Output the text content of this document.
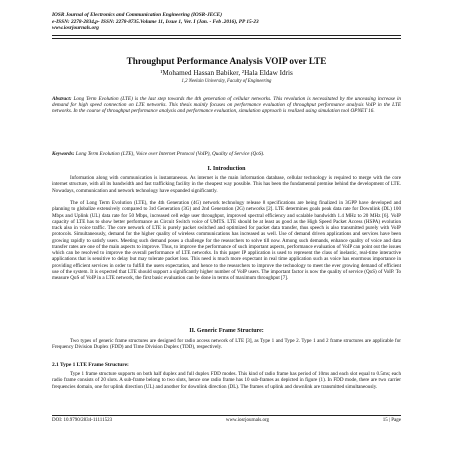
IOSR Journal of Electronics and Communication Engineering (IOSR-JECE)
e-ISSN: 2278-2834,p- ISSN: 2278-8735.Volume 11, Issue 1, Ver. I (Jan. - Feb .2016), PP 15-23
www.iosrjournals.org
Throughput Performance Analysis VOIP over LTE
¹Mohamed Hassan Babiker, ²Hala Eldaw Idris
1,2 Neelain University, Faculty of Engineering
Abstract: Long Term Evolution (LTE) is the last step towards the 4th generation of cellular networks. This revolution is necessitated by the unceasing increase in demand for high speed connection on LTE networks. This thesis mainly focuses on performance evaluation of throughput performance analysis VoIP in the LTE networks. In the course of throughput performance analysis and performance evaluation, simulation approach is realized using simulation tool OPNET 16.
Keywords: Long Term Evolution (LTE), Voice over Internet Protocol (VoIP), Quality of Service (QoS).
I. Introduction
Information along with communication is instantaneous. As internet is the main information database, cellular technology is required to merge with the core internet structure, with all its bandwidth and fast trafficking facility in the cheapest way possible. This has been the fundamental premise behind the development of LTE. Nowadays, communication and network technology have expanded significantly.
The of Long Term Evolution (LTE), the 4th Generation (4G) network technology release 8 specifications are being finalized in 3GPP have developed and planning to globalize extensively compared to 3rd Generation (3G) and 2nd Generation (2G) networks [2]. LTE determines goals peak data rate for Downlink (DL) 100 Mbps and Uplink (UL) data rate for 50 Mbps, increased cell edge user throughput, improved spectral efficiency and scalable bandwidth 1.4 MHz to 20 MHz [6]. VoIP capacity of LTE has to show better performance as Circuit Switch voice of UMTS. LTE should be at least as good as the High Speed Packet Access (HSPA) evolution track also in voice traffic. The core network of LTE is purely packet switched and optimized for packet data transfer, thus speech is also transmitted purely with VoIP protocols. Simultaneously, demand for the higher quality of wireless communications has increased as well. Use of demand driven applications and services have been growing rapidly to satisfy users. Meeting such demand poses a challenge for the researchers to solve till now. Among such demands, enhance quality of voice and data transfer rates are one of the main aspects to improve. Thus, to improve the performance of such important aspects, performance evaluation of VoIP can point out the issues which can be resolved to improve the overall performance of LTE networks. In this paper IP application is used to represent the class of inelastic, real-time interactive applications that is sensitive to delay but may tolerate packet loss. This need is much more expectant in real time application such as voice has enormous importance in providing efficient services in order to fulfill the users expectation, and hence to the researchers to improve the technology to meet the ever growing demand of efficient use of the system. It is expected that LTE should support a significantly higher number of VoIP users. The important factor is now the quality of service (QoS) of VoIP. To measure QoS of VoIP in a LTE network, the first basic evaluation can be done in terms of maximum throughput [7].
II. Generic Frame Structure:
Two types of generic frame structures are designed for radio access network of LTE [3], as Type 1 and Type 2. Type 1 and 2 frame structures are applicable for Frequency Division Duplex (FDD) and Time Division Duplex (TDD), respectively.
2.1 Type 1 LTE Frame Structure:
Type 1 frame structure supports on both half duplex and full duplex FDD modes. This kind of radio frame has period of 10ms and each slot equal to 0.5ms; each radio frame consists of 20 slots. A sub-frame belong to two slots, hence one radio frame has 10 sub-frames as depicted in figure (1). In FDD mode, there are two carrier frequencies domain, one for uplink direction (UL) and another for downlink direction (DL). The frames of uplink and downlink are transmitted simultaneously.
DOI: 10.9790/2834-11111523	www.iosrjournals.org	15 | Page
